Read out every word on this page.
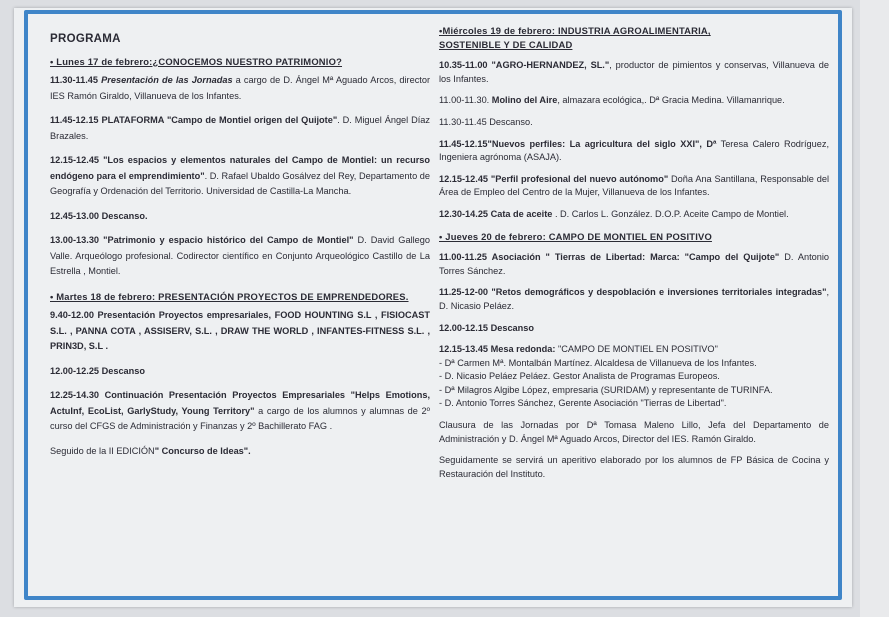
PROGRAMA

• Lunes 17 de febrero:¿CONOCEMOS NUESTRO PATRIMONIO?

11.30-11.45 Presentación de las Jornadas a cargo de D. Ángel Mª Aguado Arcos, director IES Ramón Giraldo, Villanueva de los Infantes.

11.45-12.15 PLATAFORMA "Campo de Montiel origen del Quijote". D. Miguel Ángel Díaz Brazales.

12.15-12.45 "Los espacios y elementos naturales del Campo de Montiel: un recurso endógeno para el emprendimiento". D. Rafael Ubaldo Gosálvez del Rey, Departamento de Geografía y Ordenación del Territorio. Universidad de Castilla-La Mancha.

12.45-13.00 Descanso.

13.00-13.30 "Patrimonio y espacio histórico del Campo de Montiel" D. David Gallego Valle. Arqueólogo profesional. Codirector científico en Conjunto Arqueológico Castillo de La Estrella , Montiel.

• Martes 18 de febrero: PRESENTACIÓN PROYECTOS DE EMPRENDEDORES.

9.40-12.00 Presentación Proyectos empresariales, FOOD HOUNTING S.L , FISIOCAST S.L. , PANNA COTA , ASSISERV, S.L. , DRAW THE WORLD , INFANTES-FITNESS S.L. , PRIN3D, S.L .

12.00-12.25 Descanso

12.25-14.30 Continuación Presentación Proyectos Empresariales "Helps Emotions, ActuInf, EcoList, GarlyStudy, Young Territory" a cargo de los alumnos y alumnas de 2º curso del CFGS de Administración y Finanzas y 2º Bachillerato FAG .

Seguido de la II EDICIÓN" Concurso de Ideas".

•Miércoles 19 de febrero: INDUSTRIA AGROALIMENTARIA,
SOSTENIBLE Y DE CALIDAD

10.35-11.00 "AGRO-HERNANDEZ, SL.", productor de pimientos y conservas, Villanueva de los Infantes.

11.00-11.30. Molino del Aire, almazara ecológica,. Dª Gracia Medina. Villamanrique.

11.30-11.45 Descanso.

11.45-12.15"Nuevos perfiles: La agricultura del siglo XXI", Dª Teresa Calero Rodríguez, Ingeniera agrónoma (ASAJA).

12.15-12.45 "Perfil profesional del nuevo autónomo" Doña Ana Santillana, Responsable del Área de Empleo del Centro de la Mujer, Villanueva de los Infantes.

12.30-14.25 Cata de aceite . D. Carlos L. González. D.O.P. Aceite Campo de Montiel.

• Jueves 20 de febrero: CAMPO DE MONTIEL EN POSITIVO

11.00-11.25 Asociación " Tierras de Libertad: Marca: "Campo del Quijote" D. Antonio Torres Sánchez.

11.25-12-00 "Retos demográficos y despoblación e inversiones territoriales integradas", D. Nicasio Peláez.

12.00-12.15 Descanso

12.15-13.45 Mesa redonda: "CAMPO DE MONTIEL EN POSITIVO"
- Dª Carmen Mª. Montalbán Martínez. Alcaldesa de Villanueva de los Infantes.
- D. Nicasio Peláez Peláez. Gestor Analista de Programas Europeos.
- Dª Milagros Algibe López, empresaria (SURIDAM) y representante de TURINFA.
- D. Antonio Torres Sánchez, Gerente Asociación "Tierras de Libertad".

Clausura de las Jornadas por Dª Tomasa Maleno Lillo, Jefa del Departamento de Administración y D. Ángel Mª Aguado Arcos, Director del IES. Ramón Giraldo.

Seguidamente se servirá un aperitivo elaborado por los alumnos de FP Básica de Cocina y Restauración del Instituto.
